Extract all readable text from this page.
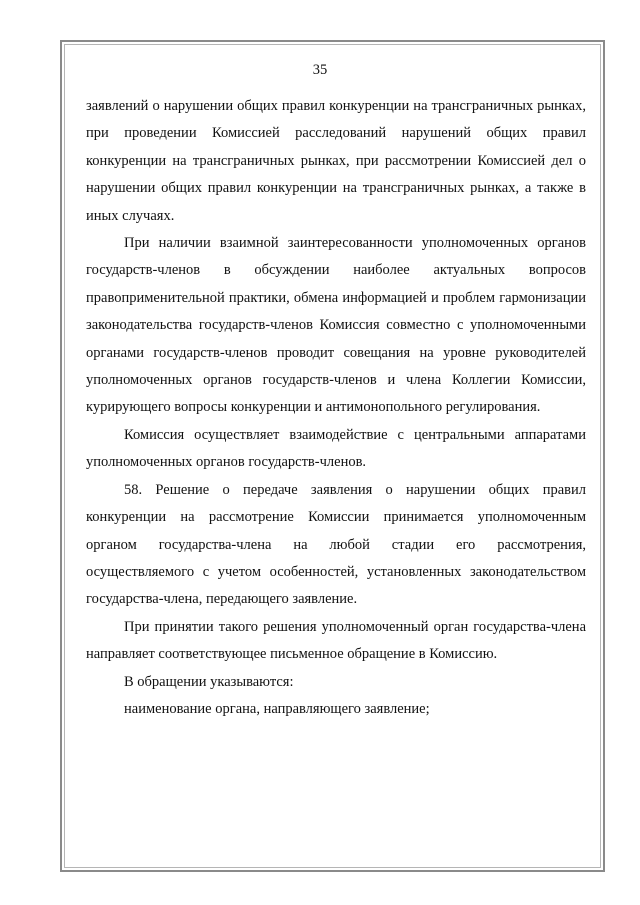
35

заявлений о нарушении общих правил конкуренции на трансграничных рынках, при проведении Комиссией расследований нарушений общих правил конкуренции на трансграничных рынках, при рассмотрении Комиссией дел о нарушении общих правил конкуренции на трансграничных рынках, а также в иных случаях.

При наличии взаимной заинтересованности уполномоченных органов государств-членов в обсуждении наиболее актуальных вопросов правоприменительной практики, обмена информацией и проблем гармонизации законодательства государств-членов Комиссия совместно с уполномоченными органами государств-членов проводит совещания на уровне руководителей уполномоченных органов государств-членов и члена Коллегии Комиссии, курирующего вопросы конкуренции и антимонопольного регулирования.

Комиссия осуществляет взаимодействие с центральными аппаратами уполномоченных органов государств-членов.

58. Решение о передаче заявления о нарушении общих правил конкуренции на рассмотрение Комиссии принимается уполномоченным органом государства-члена на любой стадии его рассмотрения, осуществляемого с учетом особенностей, установленных законодательством государства-члена, передающего заявление.

При принятии такого решения уполномоченный орган государства-члена направляет соответствующее письменное обращение в Комиссию.

В обращении указываются:

наименование органа, направляющего заявление;
